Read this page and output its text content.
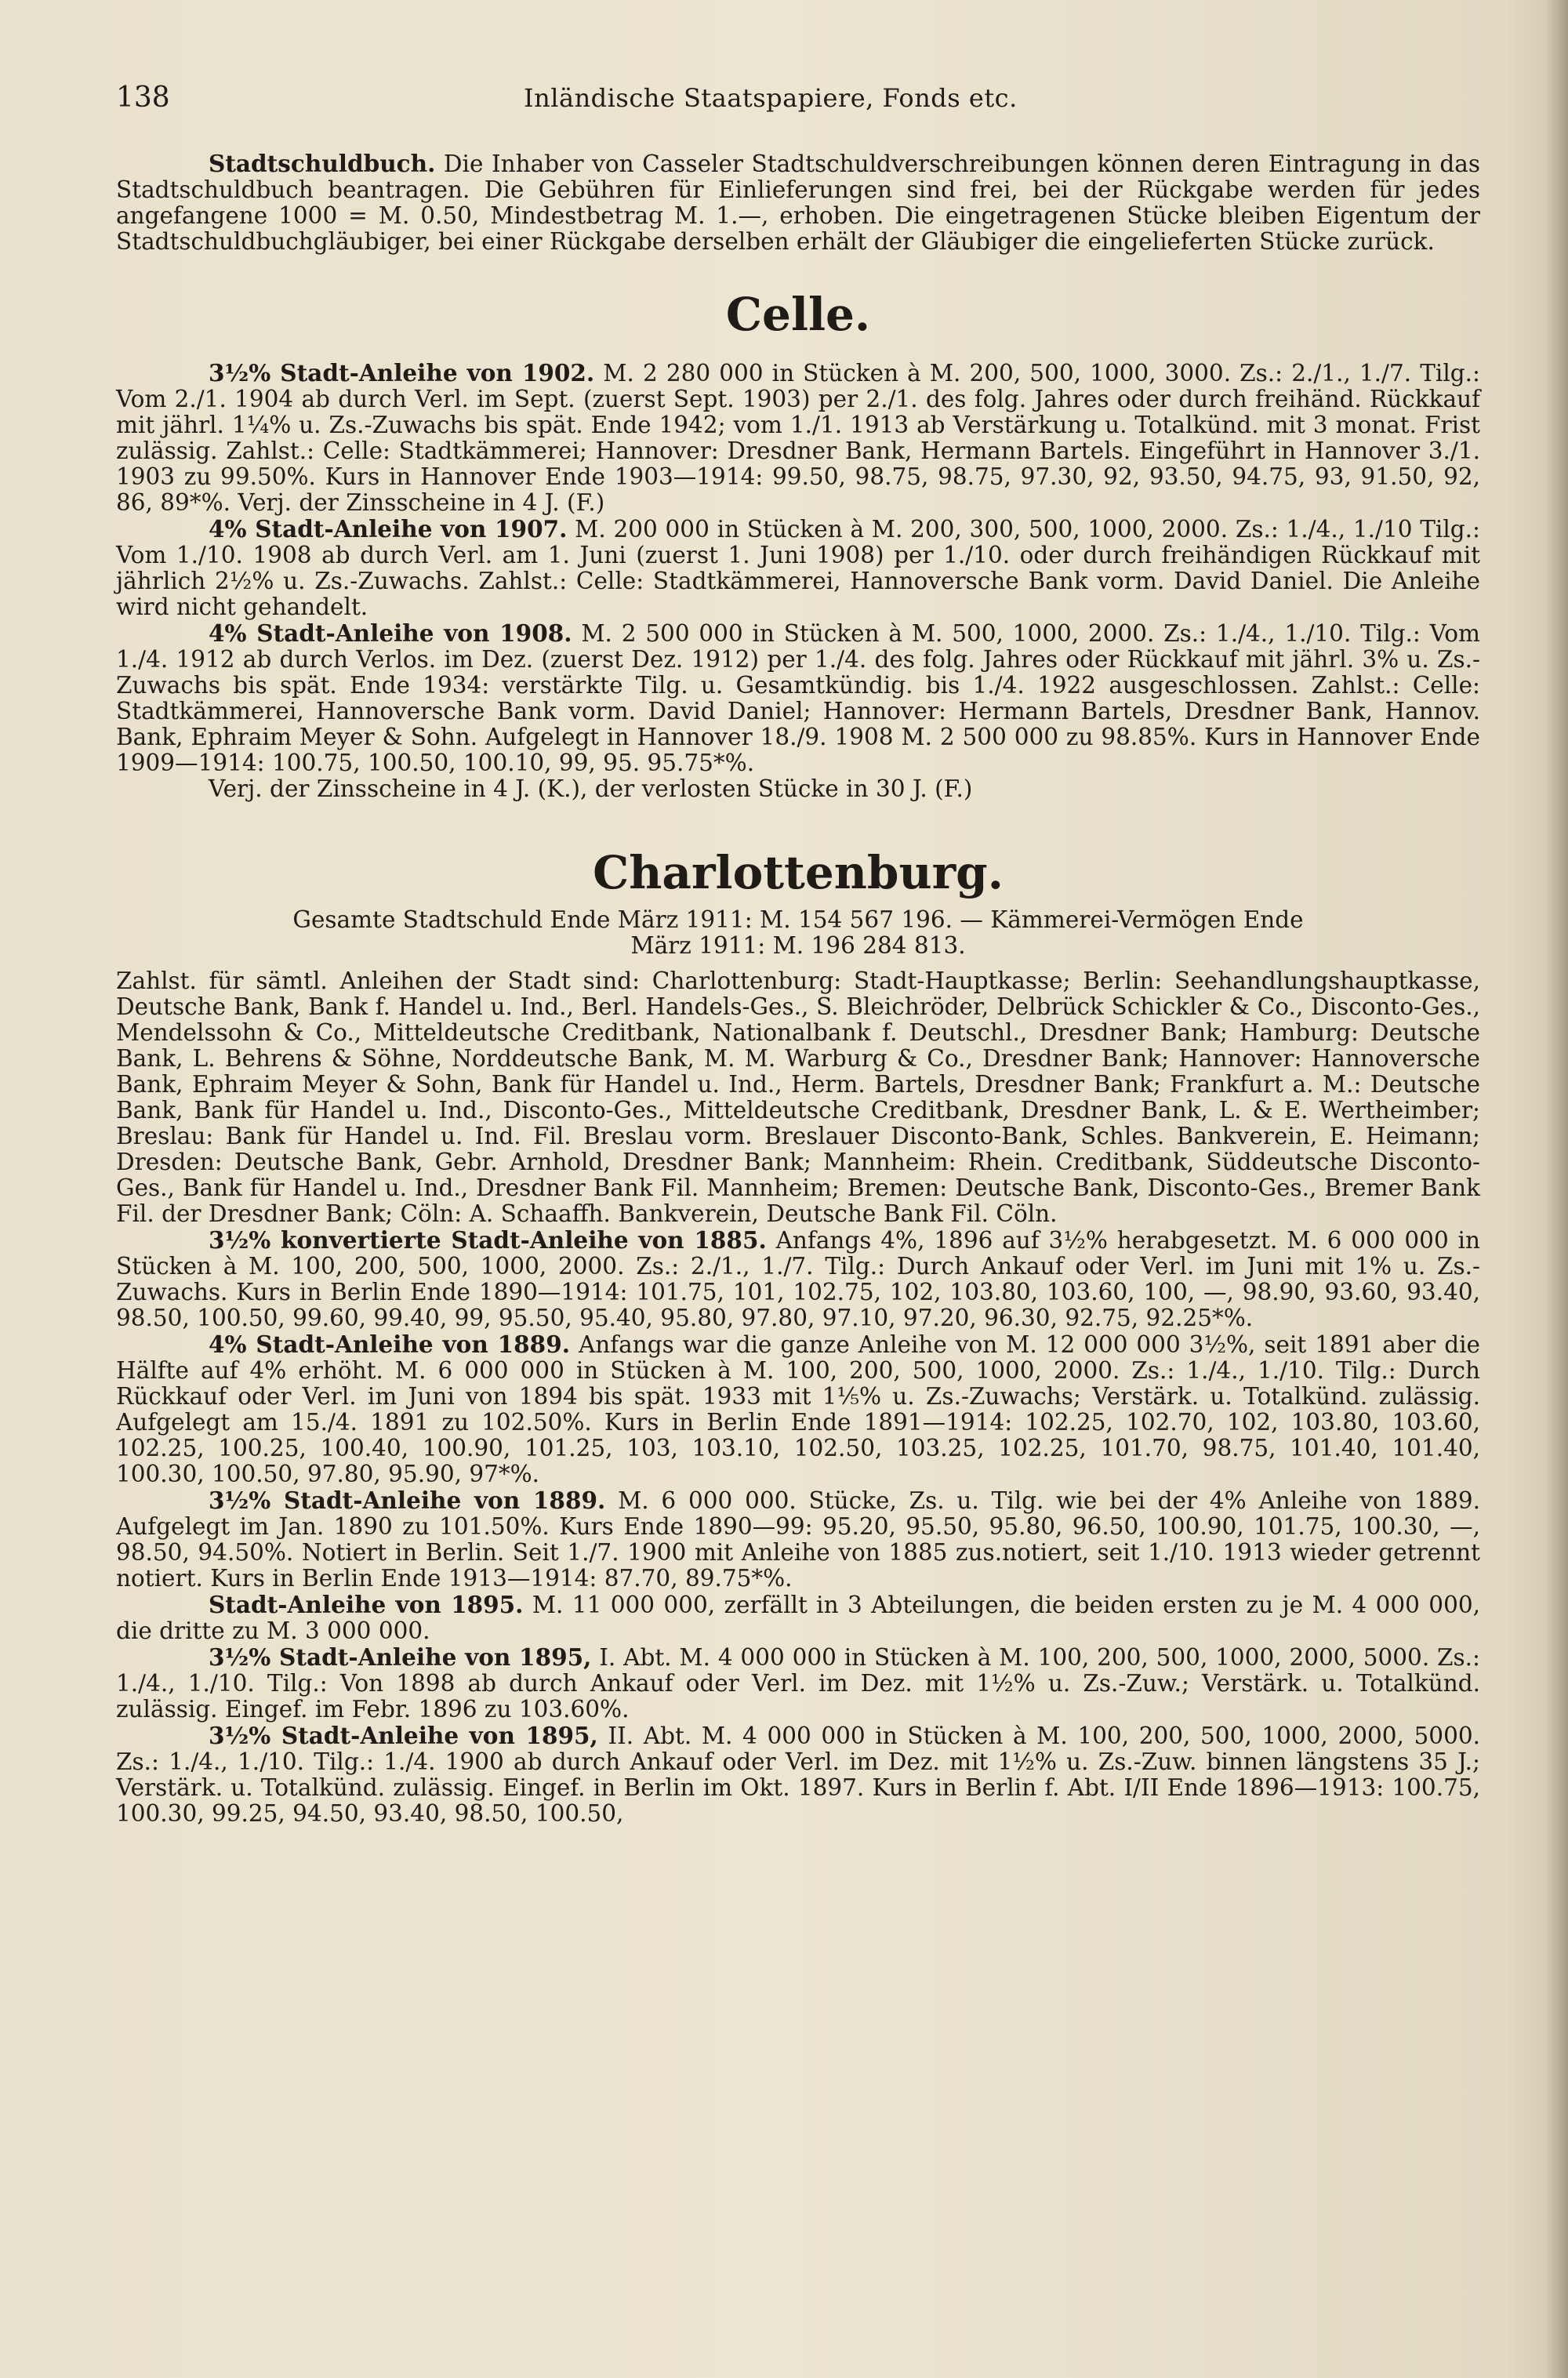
138	Inländische Staatspapiere, Fonds etc.

Stadtschuldbuch. Die Inhaber von Casseler Stadtschuldverschreibungen können deren Eintragung in das Stadtschuldbuch beantragen. Die Gebühren für Einlieferungen sind frei, bei der Rückgabe werden für jedes angefangene 1000 = M. 0.50, Mindestbetrag M. 1.—, erhoben. Die eingetragenen Stücke bleiben Eigentum der Stadtschuldbuchgläubiger, bei einer Rückgabe derselben erhält der Gläubiger die eingelieferten Stücke zurück.

Celle.

3½% Stadt-Anleihe von 1902. M. 2 280 000 in Stücken à M. 200, 500, 1000, 3000. Zs.: 2./1., 1./7. Tilg.: Vom 2./1. 1904 ab durch Verl. im Sept. (zuerst Sept. 1903) per 2./1. des folg. Jahres oder durch freihänd. Rückkauf mit jährl. 1¼% u. Zs.-Zuwachs bis spät. Ende 1942; vom 1./1. 1913 ab Verstärkung u. Totalkünd. mit 3 monat. Frist zulässig. Zahlst.: Celle: Stadtkämmerei; Hannover: Dresdner Bank, Hermann Bartels. Eingeführt in Hannover 3./1. 1903 zu 99.50%. Kurs in Hannover Ende 1903—1914: 99.50, 98.75, 98.75, 97.30, 92, 93.50, 94.75, 93, 91.50, 92, 86, 89*%. Verj. der Zinsscheine in 4 J. (F.)

4% Stadt-Anleihe von 1907. M. 200 000 in Stücken à M. 200, 300, 500, 1000, 2000. Zs.: 1./4., 1./10 Tilg.: Vom 1./10. 1908 ab durch Verl. am 1. Juni (zuerst 1. Juni 1908) per 1./10. oder durch freihändigen Rückkauf mit jährlich 2½% u. Zs.-Zuwachs. Zahlst.: Celle: Stadtkämmerei, Hannoversche Bank vorm. David Daniel. Die Anleihe wird nicht gehandelt.

4% Stadt-Anleihe von 1908. M. 2 500 000 in Stücken à M. 500, 1000, 2000. Zs.: 1./4., 1./10. Tilg.: Vom 1./4. 1912 ab durch Verlos. im Dez. (zuerst Dez. 1912) per 1./4. des folg. Jahres oder Rückkauf mit jährl. 3% u. Zs.-Zuwachs bis spät. Ende 1934: verstärkte Tilg. u. Gesamtkündig. bis 1./4. 1922 ausgeschlossen. Zahlst.: Celle: Stadtkämmerei, Hannoversche Bank vorm. David Daniel; Hannover: Hermann Bartels, Dresdner Bank, Hannov. Bank, Ephraim Meyer & Sohn. Aufgelegt in Hannover 18./9. 1908 M. 2 500 000 zu 98.85%. Kurs in Hannover Ende 1909—1914: 100.75, 100.50, 100.10, 99, 95. 95.75*%.

Verj. der Zinsscheine in 4 J. (K.), der verlosten Stücke in 30 J. (F.)

Charlottenburg.

Gesamte Stadtschuld Ende März 1911: M. 154 567 196. — Kämmerei-Vermögen Ende

März 1911: M. 196 284 813.

Zahlst. für sämtl. Anleihen der Stadt sind: Charlottenburg: Stadt-Hauptkasse; Berlin: Seehandlungshauptkasse, Deutsche Bank, Bank f. Handel u. Ind., Berl. Handels-Ges., S. Bleichröder, Delbrück Schickler & Co., Disconto-Ges., Mendelssohn & Co., Mitteldeutsche Creditbank, Nationalbank f. Deutschl., Dresdner Bank; Hamburg: Deutsche Bank, L. Behrens & Söhne, Norddeutsche Bank, M. M. Warburg & Co., Dresdner Bank; Hannover: Hannoversche Bank, Ephraim Meyer & Sohn, Bank für Handel u. Ind., Herm. Bartels, Dresdner Bank; Frankfurt a. M.: Deutsche Bank, Bank für Handel u. Ind., Disconto-Ges., Mitteldeutsche Creditbank, Dresdner Bank, L. & E. Wertheimber; Breslau: Bank für Handel u. Ind. Fil. Breslau vorm. Breslauer Disconto-Bank, Schles. Bankverein, E. Heimann; Dresden: Deutsche Bank, Gebr. Arnhold, Dresdner Bank; Mannheim: Rhein. Creditbank, Süddeutsche Disconto-Ges., Bank für Handel u. Ind., Dresdner Bank Fil. Mannheim; Bremen: Deutsche Bank, Disconto-Ges., Bremer Bank Fil. der Dresdner Bank; Cöln: A. Schaaffh. Bankverein, Deutsche Bank Fil. Cöln.

3½% konvertierte Stadt-Anleihe von 1885. Anfangs 4%, 1896 auf 3½% herabgesetzt. M. 6 000 000 in Stücken à M. 100, 200, 500, 1000, 2000. Zs.: 2./1., 1./7. Tilg.: Durch Ankauf oder Verl. im Juni mit 1% u. Zs.-Zuwachs. Kurs in Berlin Ende 1890—1914: 101.75, 101, 102.75, 102, 103.80, 103.60, 100, —, 98.90, 93.60, 93.40, 98.50, 100.50, 99.60, 99.40, 99, 95.50, 95.40, 95.80, 97.80, 97.10, 97.20, 96.30, 92.75, 92.25*%.

4% Stadt-Anleihe von 1889. Anfangs war die ganze Anleihe von M. 12 000 000 3½%, seit 1891 aber die Hälfte auf 4% erhöht. M. 6 000 000 in Stücken à M. 100, 200, 500, 1000, 2000. Zs.: 1./4., 1./10. Tilg.: Durch Rückkauf oder Verl. im Juni von 1894 bis spät. 1933 mit 1⅕% u. Zs.-Zuwachs; Verstärk. u. Totalkünd. zulässig. Aufgelegt am 15./4. 1891 zu 102.50%. Kurs in Berlin Ende 1891—1914: 102.25, 102.70, 102, 103.80, 103.60, 102.25, 100.25, 100.40, 100.90, 101.25, 103, 103.10, 102.50, 103.25, 102.25, 101.70, 98.75, 101.40, 101.40, 100.30, 100.50, 97.80, 95.90, 97*%.

3½% Stadt-Anleihe von 1889. M. 6 000 000. Stücke, Zs. u. Tilg. wie bei der 4% Anleihe von 1889. Aufgelegt im Jan. 1890 zu 101.50%. Kurs Ende 1890—99: 95.20, 95.50, 95.80, 96.50, 100.90, 101.75, 100.30, —, 98.50, 94.50%. Notiert in Berlin. Seit 1./7. 1900 mit Anleihe von 1885 zus.notiert, seit 1./10. 1913 wieder getrennt notiert. Kurs in Berlin Ende 1913—1914: 87.70, 89.75*%.

Stadt-Anleihe von 1895. M. 11 000 000, zerfällt in 3 Abteilungen, die beiden ersten zu je M. 4 000 000, die dritte zu M. 3 000 000.

3½% Stadt-Anleihe von 1895, I. Abt. M. 4 000 000 in Stücken à M. 100, 200, 500, 1000, 2000, 5000. Zs.: 1./4., 1./10. Tilg.: Von 1898 ab durch Ankauf oder Verl. im Dez. mit 1½% u. Zs.-Zuw.; Verstärk. u. Totalkünd. zulässig. Eingef. im Febr. 1896 zu 103.60%.

3½% Stadt-Anleihe von 1895, II. Abt. M. 4 000 000 in Stücken à M. 100, 200, 500, 1000, 2000, 5000. Zs.: 1./4., 1./10. Tilg.: 1./4. 1900 ab durch Ankauf oder Verl. im Dez. mit 1½% u. Zs.-Zuw. binnen längstens 35 J.; Verstärk. u. Totalkünd. zulässig. Eingef. in Berlin im Okt. 1897. Kurs in Berlin f. Abt. I/II Ende 1896—1913: 100.75, 100.30, 99.25, 94.50, 93.40, 98.50, 100.50,
